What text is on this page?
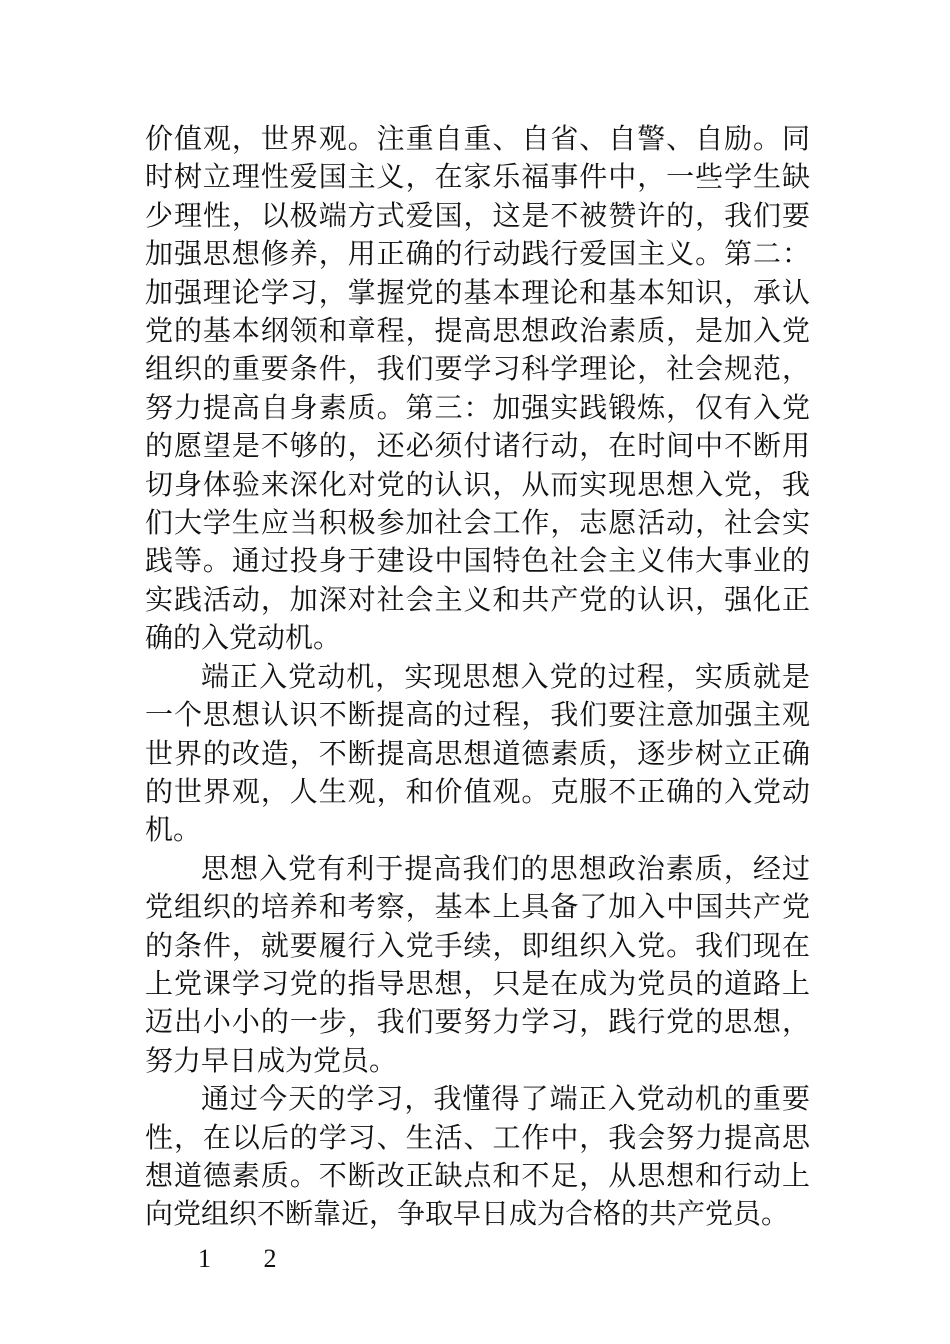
价值观，世界观。注重自重、自省、自警、自励。同时树立理性爱国主义，在家乐福事件中，一些学生缺少理性，以极端方式爱国，这是不被赞许的，我们要加强思想修养，用正确的行动践行爱国主义。第二：加强理论学习，掌握党的基本理论和基本知识，承认党的基本纲领和章程，提高思想政治素质，是加入党组织的重要条件，我们要学习科学理论，社会规范，努力提高自身素质。第三：加强实践锻炼，仅有入党的愿望是不够的，还必须付诸行动，在时间中不断用切身体验来深化对党的认识，从而实现思想入党，我们大学生应当积极参加社会工作，志愿活动，社会实践等。通过投身于建设中国特色社会主义伟大事业的实践活动，加深对社会主义和共产党的认识，强化正确的入党动机。

端正入党动机，实现思想入党的过程，实质就是一个思想认识不断提高的过程，我们要注意加强主观世界的改造，不断提高思想道德素质，逐步树立正确的世界观，人生观，和价值观。克服不正确的入党动机。

思想入党有利于提高我们的思想政治素质，经过党组织的培养和考察，基本上具备了加入中国共产党的条件，就要履行入党手续，即组织入党。我们现在上党课学习党的指导思想，只是在成为党员的道路上迈出小小的一步，我们要努力学习，践行党的思想，努力早日成为党员。

通过今天的学习，我懂得了端正入党动机的重要性，在以后的学习、生活、工作中，我会努力提高思想道德素质。不断改正缺点和不足，从思想和行动上向党组织不断靠近，争取早日成为合格的共产党员。

1 2
